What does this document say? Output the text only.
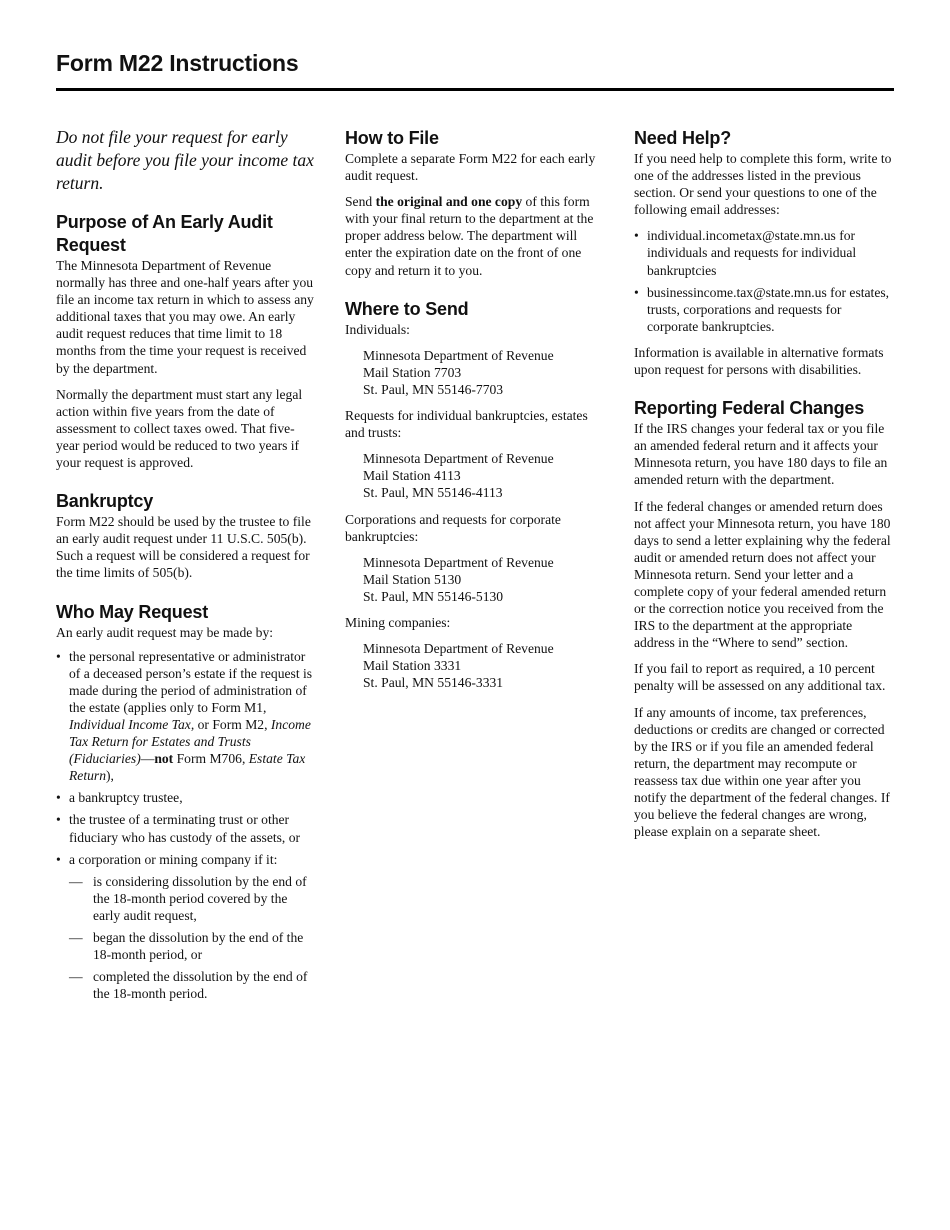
Form M22 Instructions

Do not file your request for early audit before you file your income tax return.

Purpose of An Early Audit Request

The Minnesota Department of Revenue normally has three and one-half years after you file an income tax return in which to assess any additional taxes that you may owe. An early audit request reduces that time limit to 18 months from the time your request is received by the department.

Normally the department must start any legal action within five years from the date of assessment to collect taxes owed. That five-year period would be reduced to two years if your request is approved.

Bankruptcy

Form M22 should be used by the trustee to file an early audit request under 11 U.S.C. 505(b). Such a request will be considered a request for the time limits of 505(b).

Who May Request

An early audit request may be made by:

• the personal representative or administrator of a deceased person’s estate if the request is made during the period of administration of the estate (applies only to Form M1, Individual Income Tax, or Form M2, Income Tax Return for Estates and Trusts (Fiduciaries)—not Form M706, Estate Tax Return),
• a bankruptcy trustee,
• the trustee of a terminating trust or other fiduciary who has custody of the assets, or
• a corporation or mining company if it:
— is considering dissolution by the end of the 18-month period covered by the early audit request,
— began the dissolution by the end of the 18-month period, or
— completed the dissolution by the end of the 18-month period.
How to File

Complete a separate Form M22 for each early audit request.

Send the original and one copy of this form with your final return to the department at the proper address below. The department will enter the expiration date on the front of one copy and return it to you.

Where to Send

Individuals:

Minnesota Department of Revenue
Mail Station 7703
St. Paul, MN 55146-7703

Requests for individual bankruptcies, estates and trusts:

Minnesota Department of Revenue
Mail Station 4113
St. Paul, MN 55146-4113

Corporations and requests for corporate bankruptcies:

Minnesota Department of Revenue
Mail Station 5130
St. Paul, MN 55146-5130

Mining companies:

Minnesota Department of Revenue
Mail Station 3331
St. Paul, MN 55146-3331
Need Help?

If you need help to complete this form, write to one of the addresses listed in the previous section. Or send your questions to one of the following email addresses:

• individual.incometax@state.mn.us for individuals and requests for individual bankruptcies
• businessincome.tax@state.mn.us for estates, trusts, corporations and requests for corporate bankruptcies.

Information is available in alternative formats upon request for persons with disabilities.

Reporting Federal Changes

If the IRS changes your federal tax or you file an amended federal return and it affects your Minnesota return, you have 180 days to file an amended return with the department.

If the federal changes or amended return does not affect your Minnesota return, you have 180 days to send a letter explaining why the federal audit or amended return does not affect your Minnesota return. Send your letter and a complete copy of your federal amended return or the correction notice you received from the IRS to the department at the appropriate address in the “Where to send” section.

If you fail to report as required, a 10 percent penalty will be assessed on any additional tax.

If any amounts of income, tax preferences, deductions or credits are changed or corrected by the IRS or if you file an amended federal return, the department may recompute or reassess tax due within one year after you notify the department of the federal changes. If you believe the federal changes are wrong, please explain on a separate sheet.
